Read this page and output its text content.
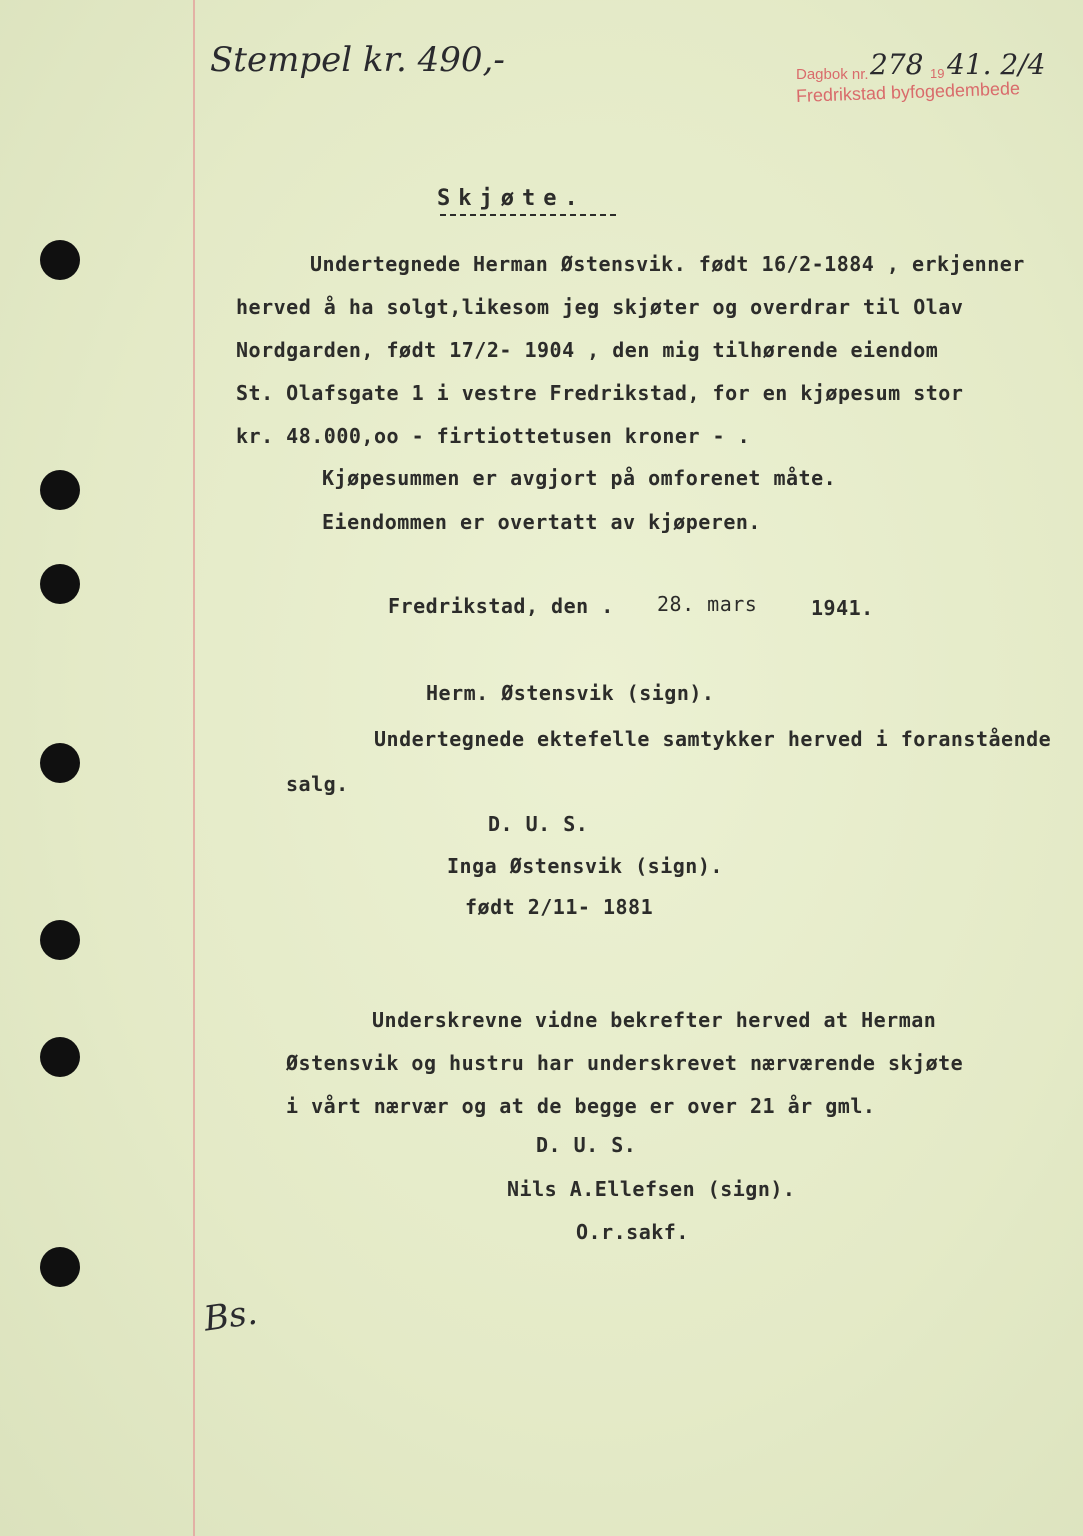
Stempel kr. 490,-	Dagbok nr. 278 19 41. 2/4
Fredrikstad byfogedembede
Skjøte.
Undertegnede Herman Østensvik. født 16/2-1884 , erkjenner
herved å ha solgt,likesom jeg skjøter og overdrar til Olav
Nordgarden, født 17/2- 1904 , den mig tilhørende eiendom
St. Olafsgate 1 i vestre Fredrikstad, for en kjøpesum stor
kr. 48.000,oo - firtiottetusen kroner - .
Kjøpesummen er avgjort på omforenet måte.
Eiendommen er overtatt av kjøperen.
Fredrikstad, den . 28. mars	1941.
Herm. Østensvik (sign).
Undertegnede ektefelle samtykker herved i foranstående
salg.
D. U. S.
Inga Østensvik (sign).
født 2/11- 1881
Underskrevne vidne bekrefter herved at Herman
Østensvik og hustru har underskrevet nærværende skjøte
i vårt nærvær og at de begge er over 21 år gml.
D. U. S.
Nils A.Ellefsen (sign).
O.r.sakf.
Bs.
